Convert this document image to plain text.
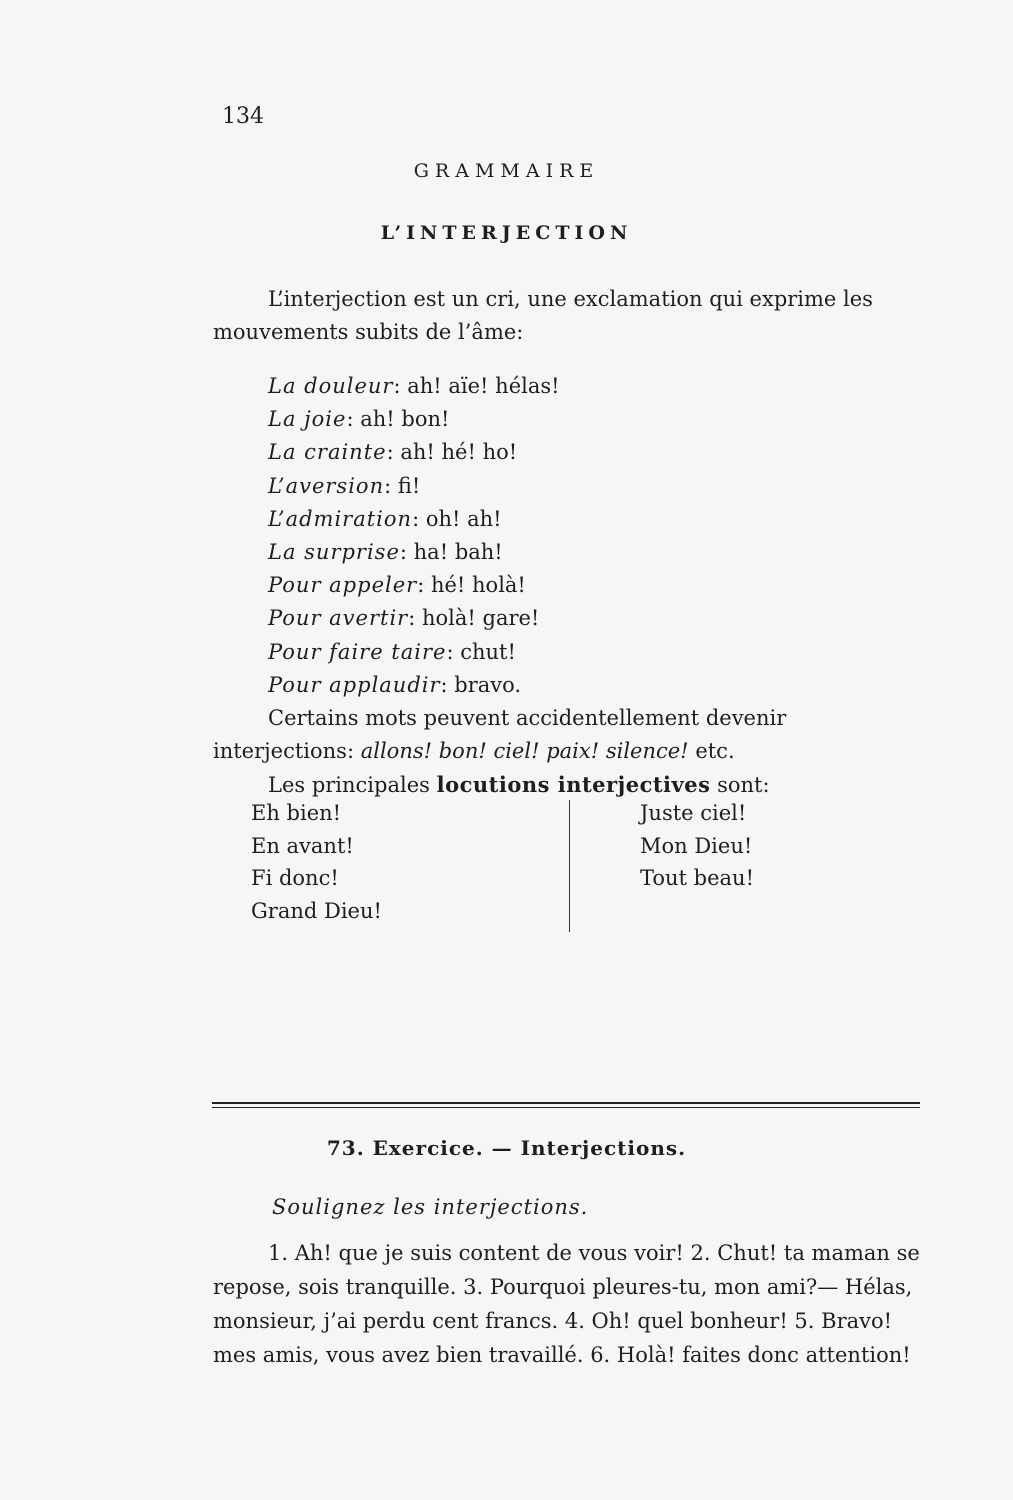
134
GRAMMAIRE
L’INTERJECTION
L’interjection est un cri, une exclamation qui exprime les mouvements subits de l’âme:
La douleur: ah! aïe! hélas!
La joie: ah! bon!
La crainte: ah! hé! ho!
L’aversion: fi!
L’admiration: oh! ah!
La surprise: ha! bah!
Pour appeler: hé! holà!
Pour avertir: holà! gare!
Pour faire taire: chut!
Pour applaudir: bravo.
Certains mots peuvent accidentellement devenir interjections: allons! bon! ciel! paix! silence! etc.
Les principales locutions interjectives sont:
Eh bien!
En avant!
Fi donc!
Grand Dieu!
Juste ciel!
Mon Dieu!
Tout beau!
73. Exercice. — Interjections.
Soulignez les interjections.
1. Ah! que je suis content de vous voir! 2. Chut! ta maman se repose, sois tranquille. 3. Pourquoi pleures-tu, mon ami?— Hélas, monsieur, j’ai perdu cent francs. 4. Oh! quel bonheur! 5. Bravo! mes amis, vous avez bien travaillé. 6. Holà! faites donc attention!
